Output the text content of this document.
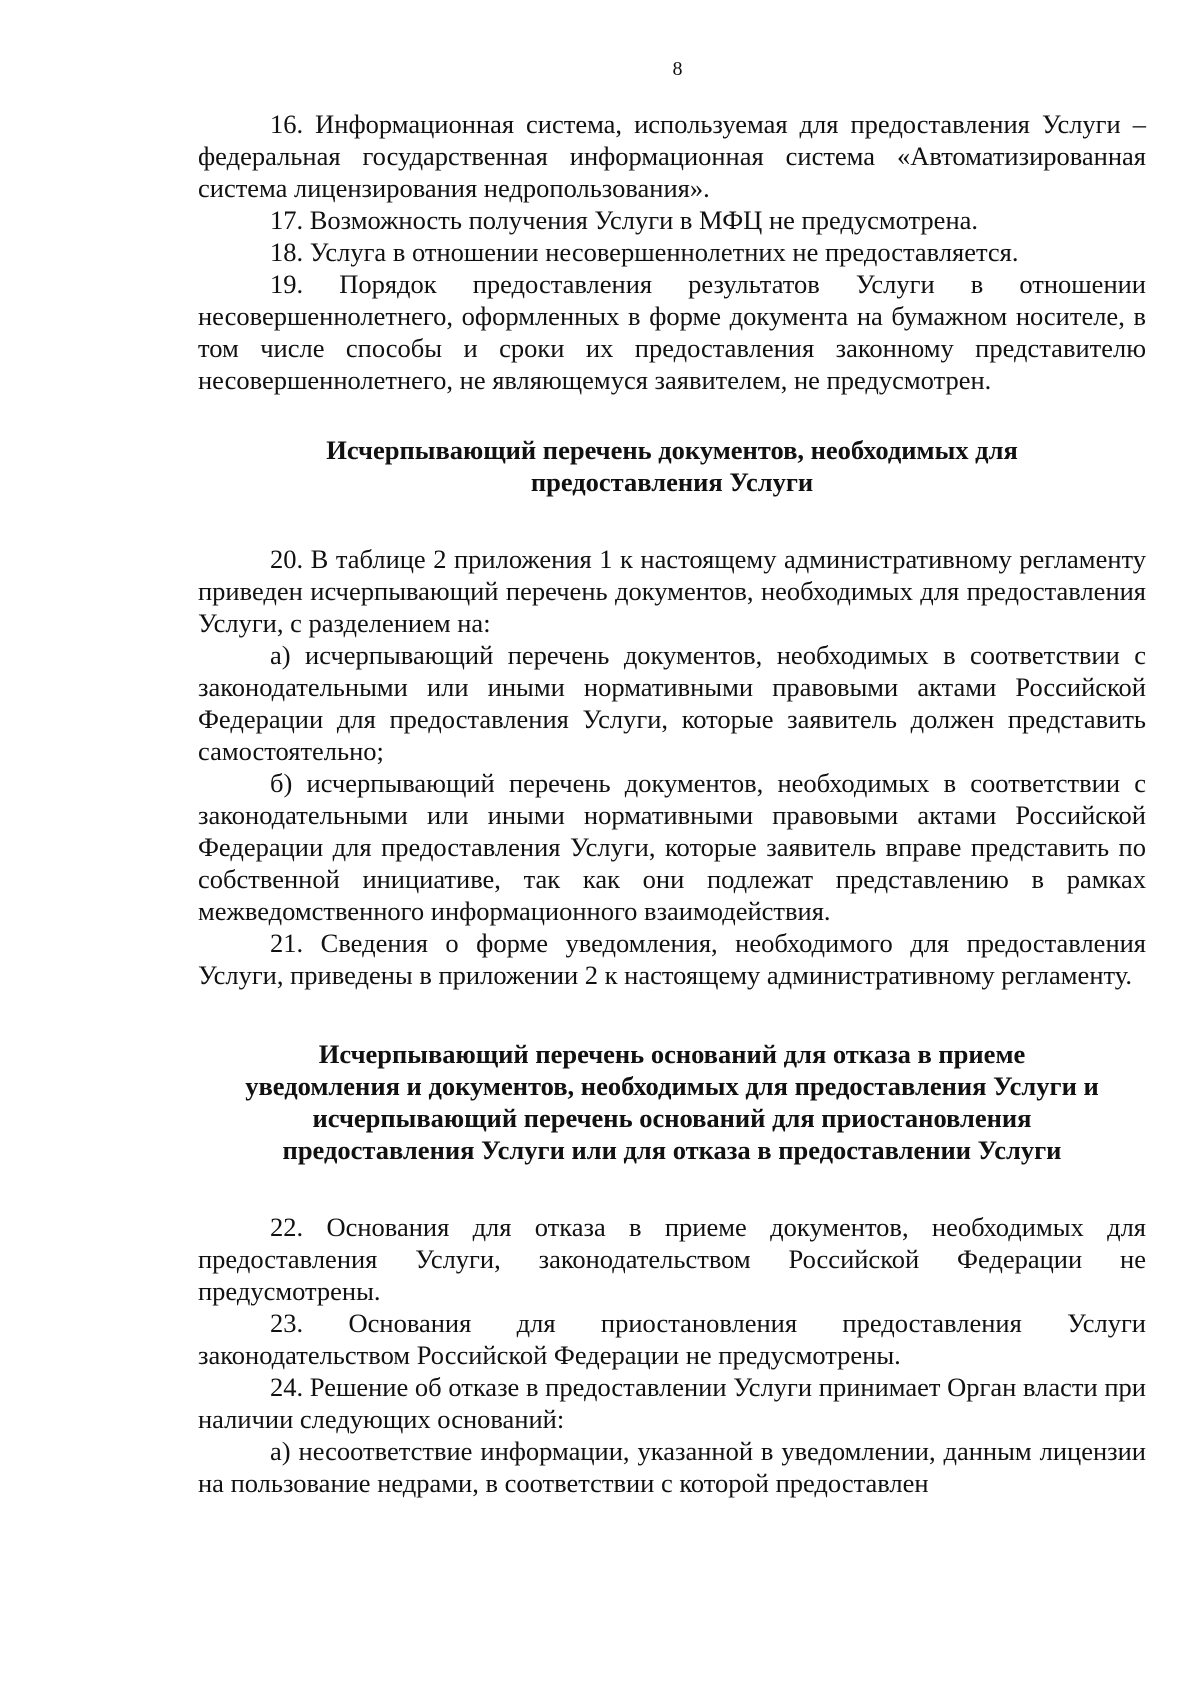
8

16. Информационная система, используемая для предоставления Услуги – федеральная государственная информационная система «Автоматизированная система лицензирования недропользования».

17. Возможность получения Услуги в МФЦ не предусмотрена.

18. Услуга в отношении несовершеннолетних не предоставляется.

19. Порядок предоставления результатов Услуги в отношении несовершеннолетнего, оформленных в форме документа на бумажном носителе, в том числе способы и сроки их предоставления законному представителю несовершеннолетнего, не являющемуся заявителем, не предусмотрен.

Исчерпывающий перечень документов, необходимых для
предоставления Услуги

20. В таблице 2 приложения 1 к настоящему административному регламенту приведен исчерпывающий перечень документов, необходимых для предоставления Услуги, с разделением на:

а) исчерпывающий перечень документов, необходимых в соответствии с законодательными или иными нормативными правовыми актами Российской Федерации для предоставления Услуги, которые заявитель должен представить самостоятельно;

б) исчерпывающий перечень документов, необходимых в соответствии с законодательными или иными нормативными правовыми актами Российской Федерации для предоставления Услуги, которые заявитель вправе представить по собственной инициативе, так как они подлежат представлению в рамках межведомственного информационного взаимодействия.

21. Сведения о форме уведомления, необходимого для предоставления Услуги, приведены в приложении 2 к настоящему административному регламенту.

Исчерпывающий перечень оснований для отказа в приеме
уведомления и документов, необходимых для предоставления Услуги и
исчерпывающий перечень оснований для приостановления
предоставления Услуги или для отказа в предоставлении Услуги

22. Основания для отказа в приеме документов, необходимых для предоставления Услуги, законодательством Российской Федерации не предусмотрены.

23. Основания для приостановления предоставления Услуги законодательством Российской Федерации не предусмотрены.

24. Решение об отказе в предоставлении Услуги принимает Орган власти при наличии следующих оснований:

а) несоответствие информации, указанной в уведомлении, данным лицензии на пользование недрами, в соответствии с которой предоставлен
